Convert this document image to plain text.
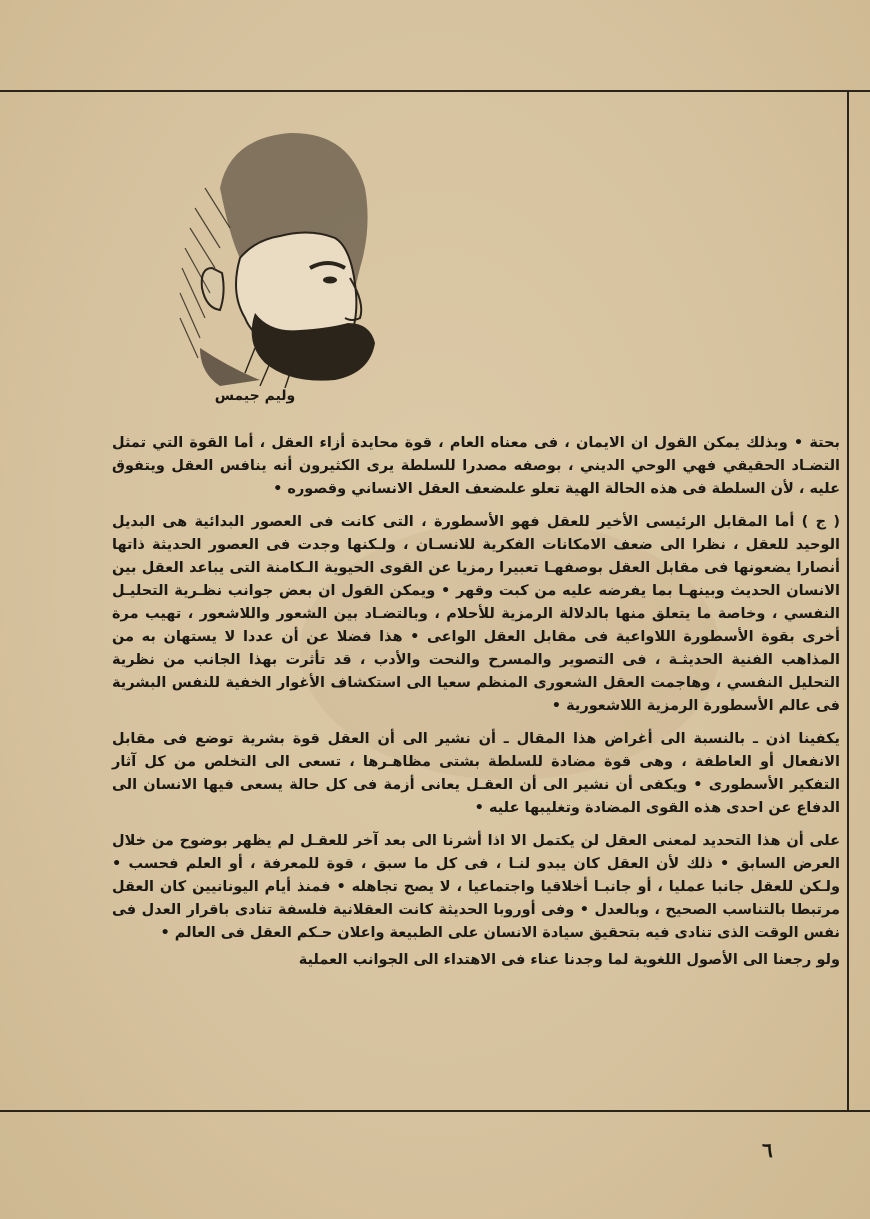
وليم جيمس

بحتة • وبذلك يمكن القول ان الايمان ، فى معناه العام ، قوة محايدة أزاء العقل ، أما القوة التي تمثل التضـاد الحقيقي فهي الوحي الديني ، بوصفه مصدرا للسلطة يرى الكثيرون أنه ينافس العقل ويتفوق عليه ، لأن السلطة فى هذه الحالة الهية تعلو علىضعف العقل الانساني وقصوره •

( ج ) أما المقابل الرئيسى الأخير للعقل فهو الأسطورة ، التى كانت فى العصور البدائية هى البديل الوحيد للعقل ، نظرا الى ضعف الامكانات الفكرية للانسـان ، ولـكنها وجدت فى العصور الحديثة ذاتها أنصارا يضعونها فى مقابل العقل بوصفهـا تعبيرا رمزيا عن القوى الحيوية الـكامنة التى يباعد العقل بين الانسان الحديث وبينهـا بما يفرضه عليه من كبت وقهر • ويمكن القول ان بعض جوانب نظـرية التحليـل النفسي ، وخاصة ما يتعلق منها بالدلالة الرمزية للأحلام ، وبالتضـاد بين الشعور واللاشعور ، تهيب مرة أخرى بقوة الأسطورة اللاواعية فى مقابل العقل الواعى • هذا فضلا عن أن عددا لا يستهان به من المذاهب الفنية الحديثـة ، فى التصوير والمسرح والنحت والأدب ، قد تأثرت بهذا الجانب من نظرية التحليل النفسي ، وهاجمت العقل الشعورى المنظم سعيا الى استكشاف الأغوار الخفية للنفس البشرية فى عالم الأسطورة الرمزية اللاشعورية •

يكفينا اذن ـ بالنسبة الى أغراض هذا المقال ـ أن نشير الى أن العقل قوة بشرية توضع فى مقابل الانفعال أو العاطفة ، وهى قوة مضادة للسلطة بشتى مظاهـرها ، تسعى الى التخلص من كل آثار التفكير الأسطورى • ويكفى أن نشير الى أن العقـل يعانى أزمة فى كل حالة يسعى فيها الانسان الى الدفاع عن احدى هذه القوى المضادة وتغليبها عليه •

على أن هذا التحديد لمعنى العقل لن يكتمل الا اذا أشرنا الى بعد آخر للعقـل لم يظهر بوضوح من خلال العرض السابق • ذلك لأن العقل كان يبدو لنـا ، فى كل ما سبق ، قوة للمعرفة ، أو العلم فحسب • ولـكن للعقل جانبا عمليا ، أو جانبـا أخلاقيا واجتماعيا ، لا يصح تجاهله • فمنذ أيام اليونانيين كان العقل مرتبطا بالتناسب الصحيح ، وبالعدل • وفى أوروبا الحديثة كانت العقلانية فلسفة تنادى باقرار العدل فى نفس الوقت الذى تنادى فيه بتحقيق سيادة الانسان على الطبيعة واعلان حـكم العقل فى العالم •

ولو رجعنا الى الأصول اللغوية لما وجدنا عناء فى الاهتداء الى الجوانب العملية

٦
